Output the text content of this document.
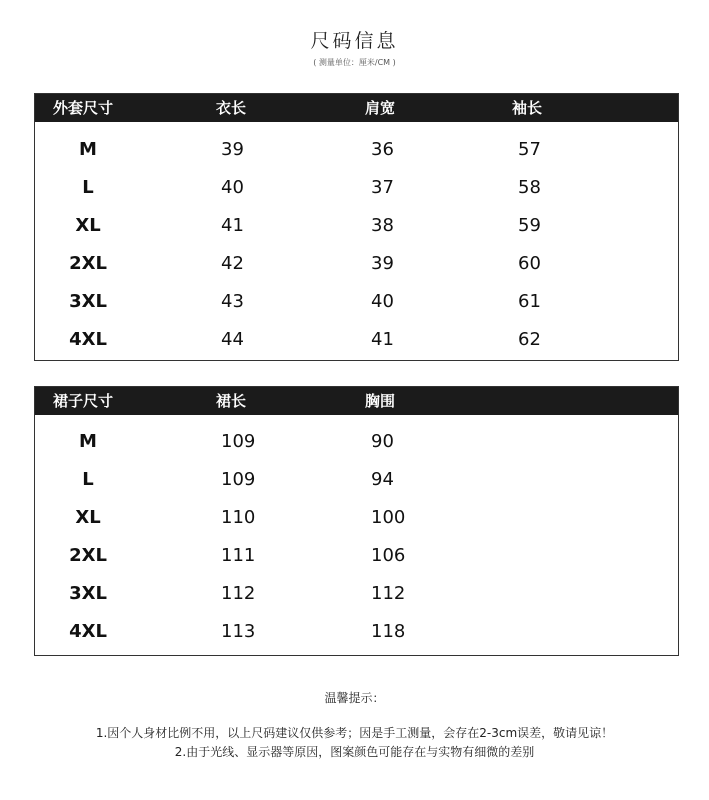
尺码信息
( 测量单位：厘米/CM )
外套尺寸	衣长	肩宽	袖长
M	39	36	57
L	40	37	58
XL	41	38	59
2XL	42	39	60
3XL	43	40	61
4XL	44	41	62
裙子尺寸	裙长	胸围
M	109	90
L	109	94
XL	110	100
2XL	111	106
3XL	112	112
4XL	113	118
温馨提示：
1.因个人身材比例不用，以上尺码建议仅供参考；因是手工测量，会存在2-3cm误差，敬请见谅！
2.由于光线、显示器等原因，图案颜色可能存在与实物有细微的差别
